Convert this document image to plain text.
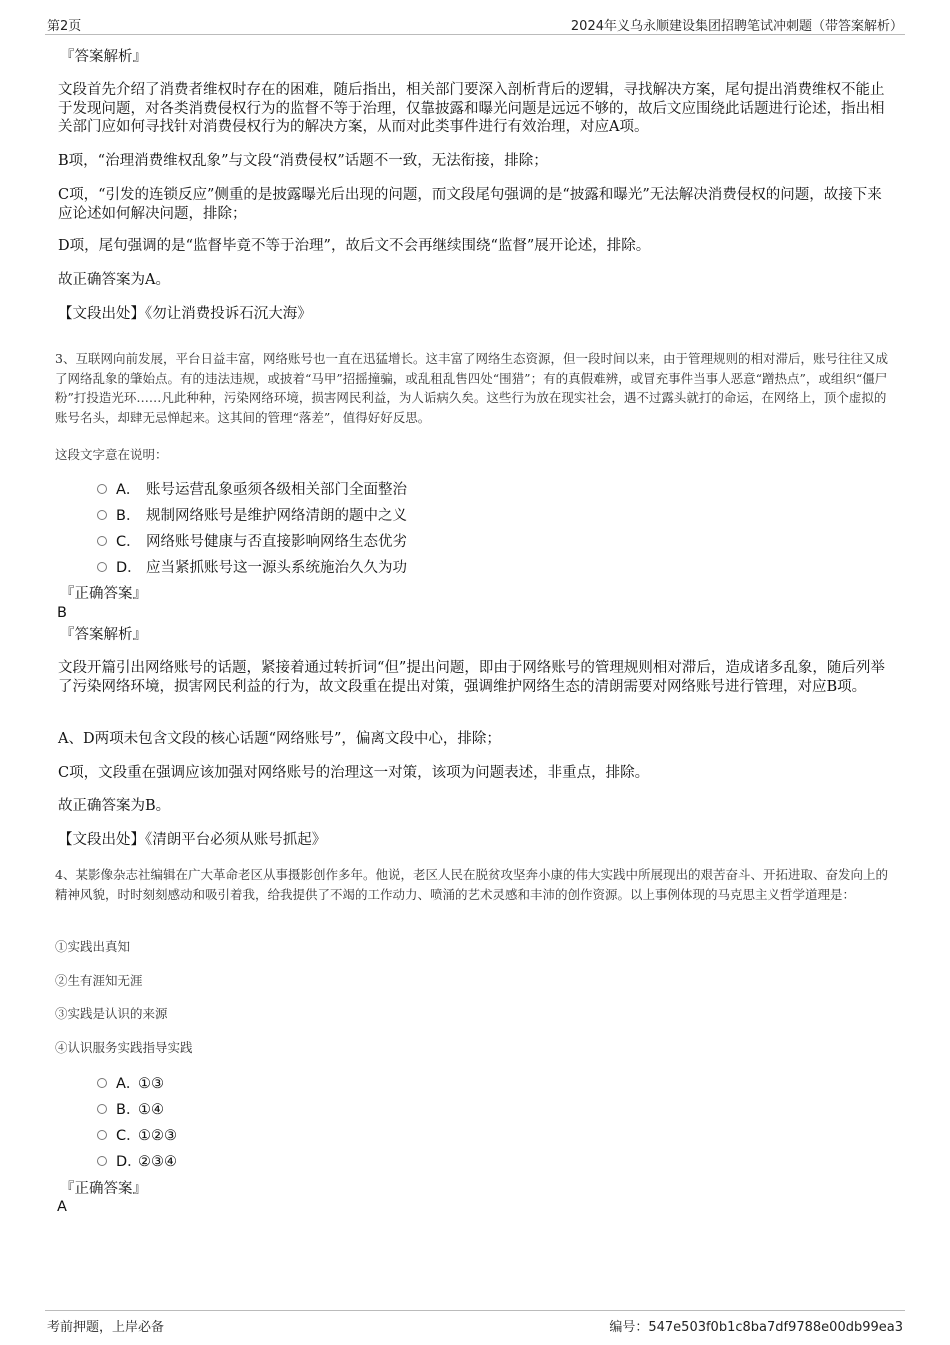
第2页	2024年义乌永顺建设集团招聘笔试冲刺题（带答案解析）
『答案解析』

文段首先介绍了消费者维权时存在的困难，随后指出，相关部门要深入剖析背后的逻辑，寻找解决方案，尾句提出消费维权不能止于发现问题，对各类消费侵权行为的监督不等于治理，仅靠披露和曝光问题是远远不够的，故后文应围绕此话题进行论述，指出相关部门应如何寻找针对消费侵权行为的解决方案，从而对此类事件进行有效治理，对应A项。

B项，“治理消费维权乱象”与文段“消费侵权”话题不一致，无法衔接，排除；

C项，“引发的连锁反应”侧重的是披露曝光后出现的问题，而文段尾句强调的是“披露和曝光”无法解决消费侵权的问题，故接下来应论述如何解决问题，排除；

D项，尾句强调的是“监督毕竟不等于治理”，故后文不会再继续围绕“监督”展开论述，排除。

故正确答案为A。

【文段出处】《勿让消费投诉石沉大海》

3、互联网向前发展，平台日益丰富，网络账号也一直在迅猛增长。这丰富了网络生态资源，但一段时间以来，由于管理规则的相对滞后，账号往往又成了网络乱象的肇始点。有的违法违规，或披着“马甲”招摇撞骗，或乱租乱售四处“围猎”；有的真假难辨，或冒充事件当事人恶意“蹭热点”，或组织“僵尸粉”打投造光环……凡此种种，污染网络环境，损害网民利益，为人诟病久矣。这些行为放在现实社会，遇不过露头就打的命运，在网络上，顶个虚拟的账号名头，却肆无忌惮起来。这其间的管理“落差”，值得好好反思。

这段文字意在说明：

A． 账号运营乱象亟须各级相关部门全面整治
B． 规制网络账号是维护网络清朗的题中之义
C． 网络账号健康与否直接影响网络生态优劣
D． 应当紧抓账号这一源头系统施治久久为功
『正确答案』
B
『答案解析』

文段开篇引出网络账号的话题，紧接着通过转折词“但”提出问题，即由于网络账号的管理规则相对滞后，造成诸多乱象，随后列举了污染网络环境，损害网民利益的行为，故文段重在提出对策，强调维护网络生态的清朗需要对网络账号进行管理，对应B项。

A、D两项未包含文段的核心话题“网络账号”，偏离文段中心，排除；

C项，文段重在强调应该加强对网络账号的治理这一对策，该项为问题表述，非重点，排除。

故正确答案为B。

【文段出处】《清朗平台必须从账号抓起》

4、某影像杂志社编辑在广大革命老区从事摄影创作多年。他说，老区人民在脱贫攻坚奔小康的伟大实践中所展现出的艰苦奋斗、开拓进取、奋发向上的精神风貌，时时刻刻感动和吸引着我，给我提供了不竭的工作动力、喷涌的艺术灵感和丰沛的创作资源。以上事例体现的马克思主义哲学道理是：

①实践出真知

②生有涯知无涯

③实践是认识的来源

④认识服务实践指导实践

A．①③
B．①④
C．①②③
D．②③④
『正确答案』
A
考前押题，上岸必备	编号：547e503f0b1c8ba7df9788e00db99ea3
